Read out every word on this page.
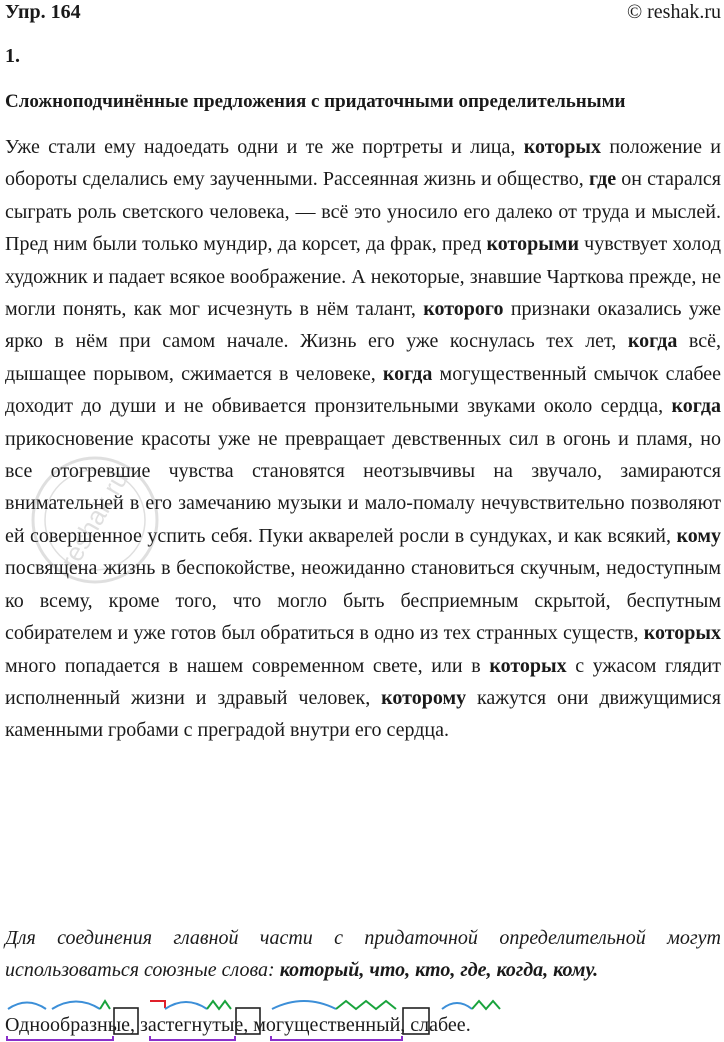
Упр. 164	© reshak.ru
1.
Сложноподчинённые предложения с придаточными определительными

Уже стали ему надоедать одни и те же портреты и лица, которых положение и обороты сделались ему заученными. Рассеянная жизнь и общество, где он старался сыграть роль светского человека, — всё это уносило его далеко от труда и мыслей. Пред ним были только мундир, да корсет, да фрак, пред которыми чувствует холод художник и падает всякое воображение. А некоторые, знавшие Чарткова прежде, не могли понять, как мог исчезнуть в нём талант, которого признаки оказались уже ярко в нём при самом начале. Жизнь его уже коснулась тех лет, когда всё, дышащее порывом, сжимается в человеке, когда могущественный смычок слабее доходит до души и не обвивается пронзительными звуками около сердца, когда прикосновение красоты уже не превращает девственных сил в огонь и пламя, но все отогревшие чувства становятся неотзывчивы на звучало, замираются внимательней в его замечанию музыки и мало-помалу нечувствительно позволяют ей совершенное успить себя. Пуки акварелей росли в сундуках, и как всякий, кому посвящена жизнь в беспокойстве, неожиданно становиться скучным, недоступным ко всему, кроме того, что могло быть бесприемным скрытой, беспутным собирателем и уже готов был обратиться в одно из тех странных существ, которых много попадается в нашем современном свете, или в которых с ужасом глядит исполненный жизни и здравый человек, которому кажутся они движущимися каменными гробами с преградой внутри его сердца.

Для соединения главной части с придаточной определительной могут использоваться союзные слова: который, что, кто, где, когда, кому.

Однообразные, застегнутые, могущественный, слабее.
reshak.ru
